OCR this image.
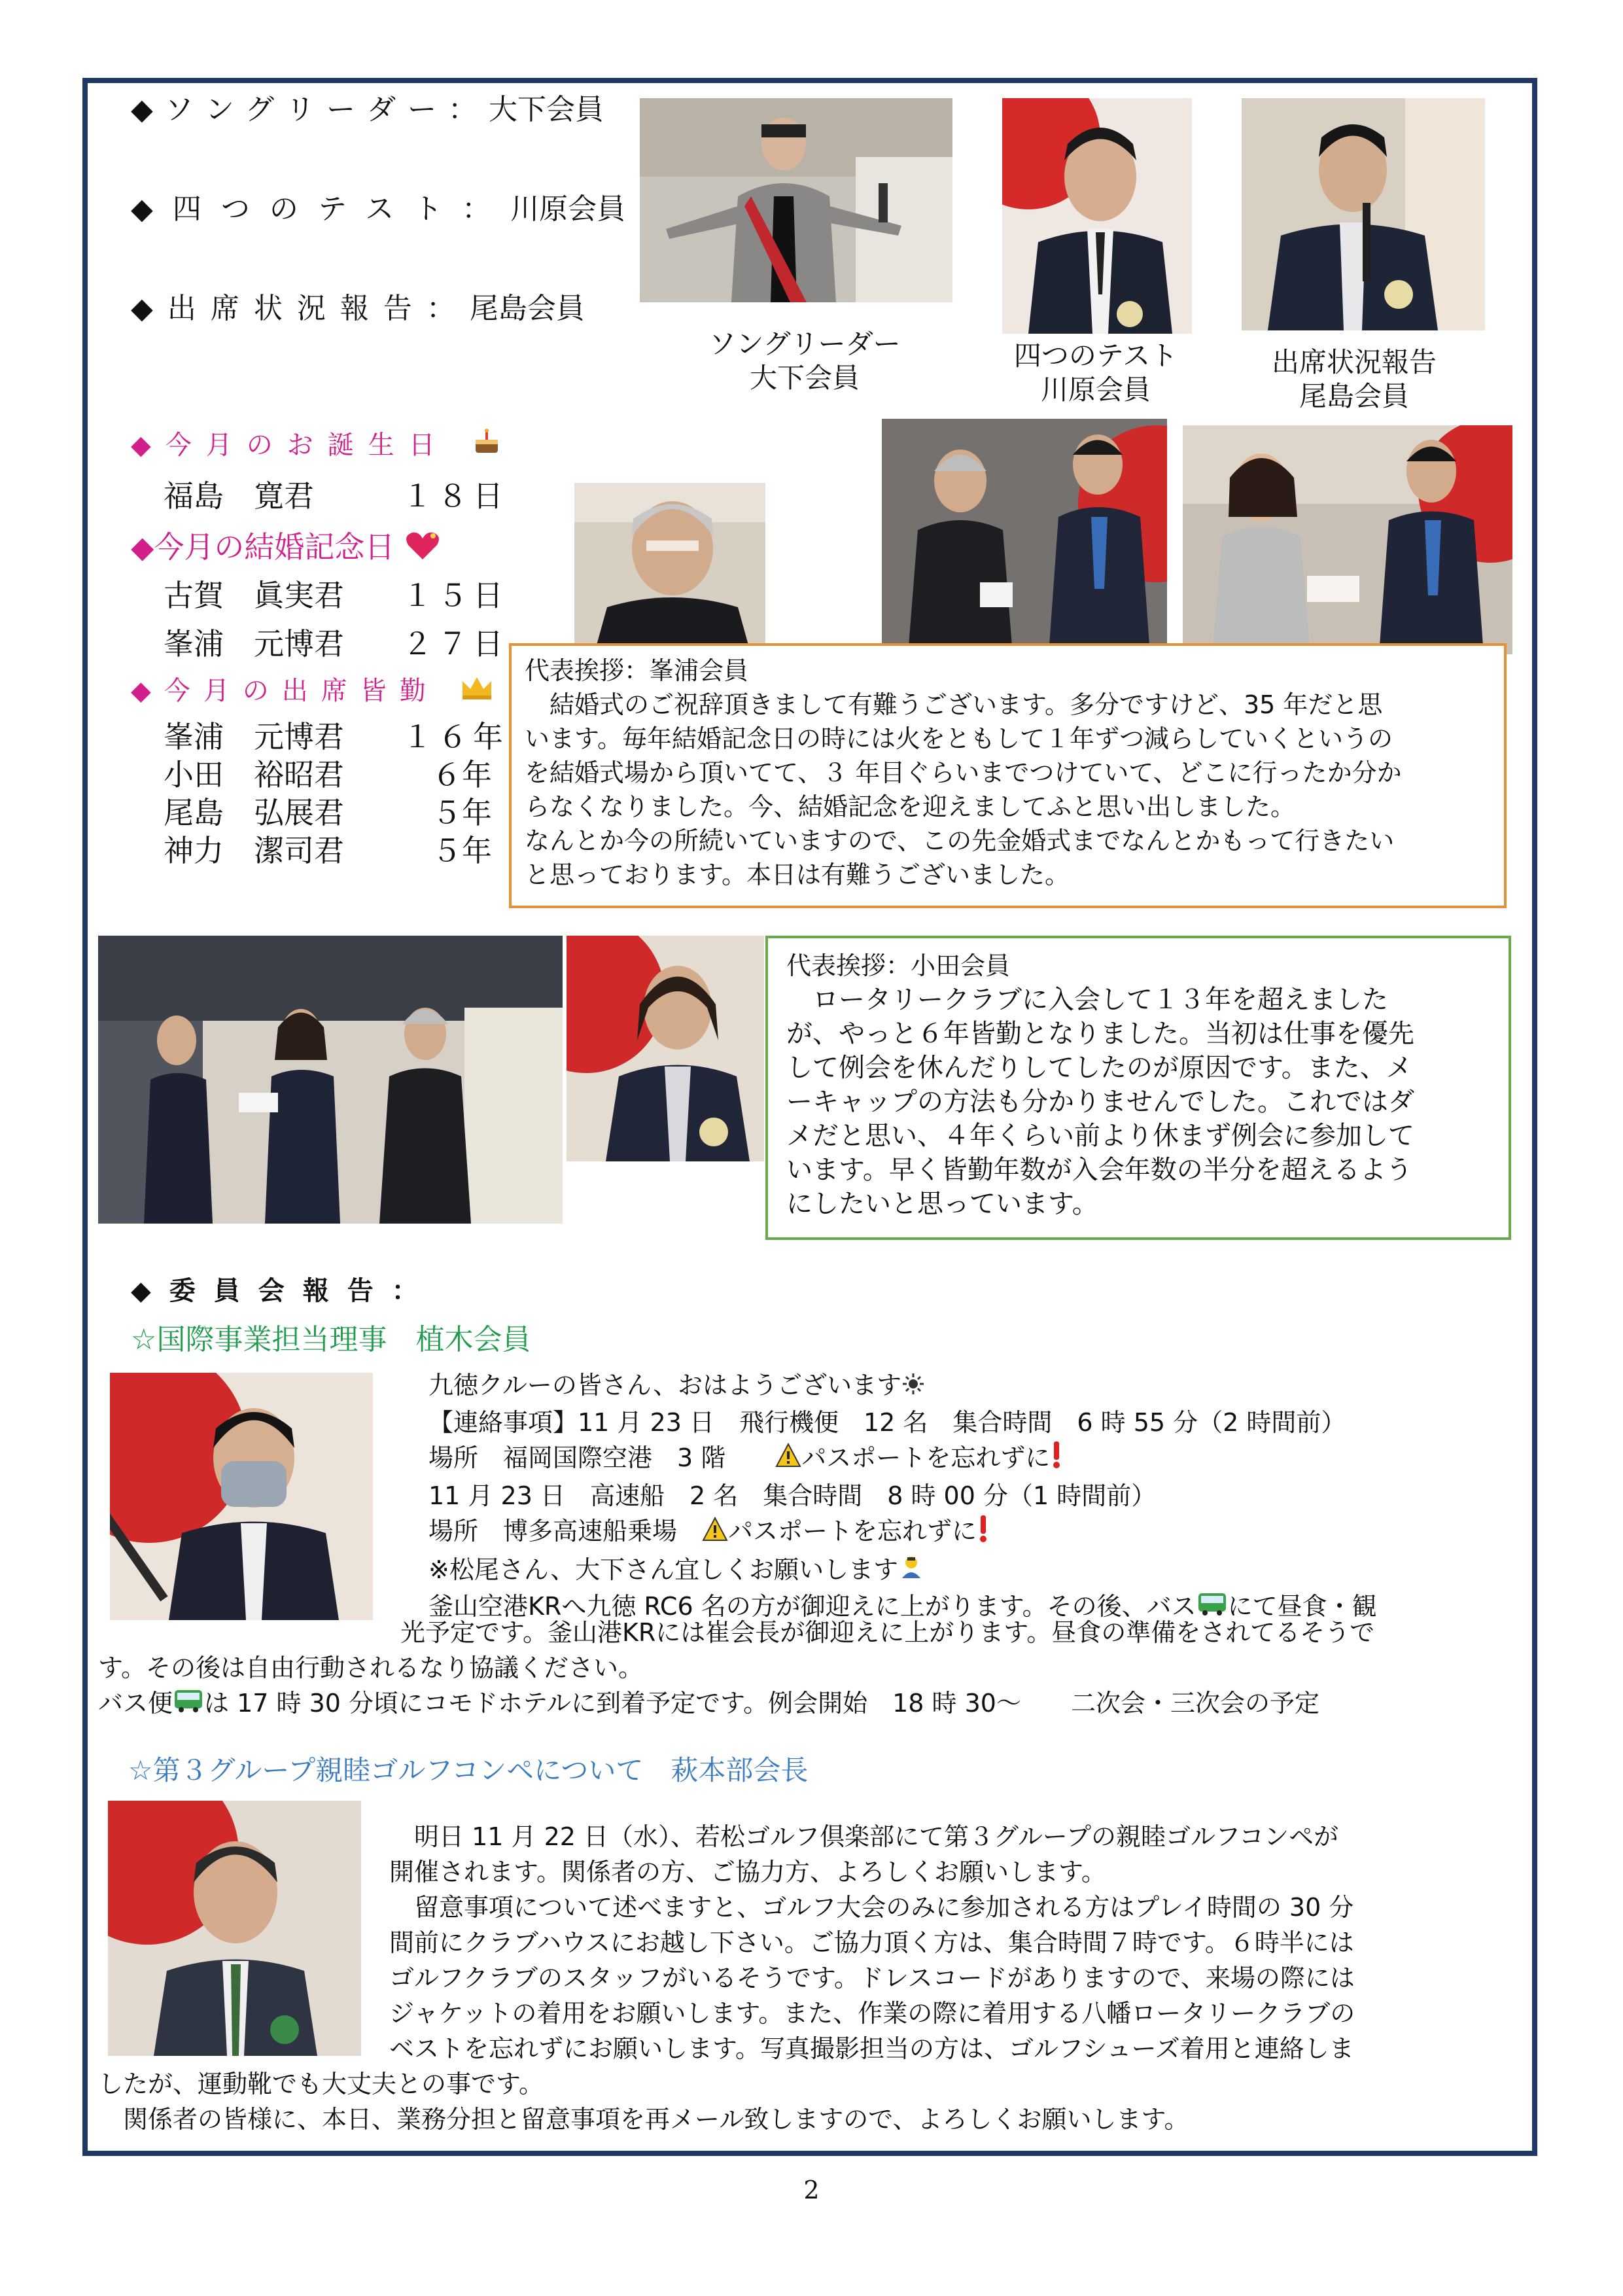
◆ソングリーダー：大下会員
◆四つのテスト：川原会員
◆出席状況報告：尾島会員
ソングリーダー
大下会員
四つのテスト
川原会員
出席状況報告
尾島会員
◆今月のお誕生日
福島　寛君	１８日
◆今月の結婚記念日
古賀　眞実君 １５日
峯浦　元博君 ２７日
◆今月の出席皆勤
峯浦　元博君 １６年
小田　裕昭君	６年
尾島　弘展君	５年
神力　潔司君	５年
代表挨拶：峯浦会員
　結婚式のご祝辞頂きまして有難うございます。多分ですけど、35 年だと思
います。毎年結婚記念日の時には火をともして１年ずつ減らしていくというの
を結婚式場から頂いてて、３ 年目ぐらいまでつけていて、どこに行ったか分か
らなくなりました。今、結婚記念を迎えましてふと思い出しました。
なんとか今の所続いていますので、この先金婚式までなんとかもって行きたい
と思っております。本日は有難うございました。
代表挨拶：小田会員
　ロータリークラブに入会して１３年を超えました
が、やっと６年皆勤となりました。当初は仕事を優先
して例会を休んだりしてしたのが原因です。また、メ
ーキャップの方法も分かりませんでした。これではダ
メだと思い、４年くらい前より休まず例会に参加して
います。早く皆勤年数が入会年数の半分を超えるよう
にしたいと思っています。
◆委員会報告：
☆国際事業担当理事　植木会員

九徳クルーの皆さん、おはようございます

【連絡事項】11 月 23 日　飛行機便　12 名　集合時間　6 時 55 分（2 時間前）

場所　福岡国際空港　3 階　　パスポートを忘れずに

11 月 23 日　高速船　2 名　集合時間　8 時 00 分（1 時間前）

場所　博多高速船乗場　パスポートを忘れずに

※松尾さん、大下さん宜しくお願いします

釜山空港KRへ九徳 RC6 名の方が御迎えに上がります。その後、バス にて昼食・観

光予定です。釜山港KRには崔会長が御迎えに上がります。昼食の準備をされてるそうで

す。その後は自由行動されるなり協議ください。

バス便 は 17 時 30 分頃にコモドホテルに到着予定です。例会開始　18 時 30～　　二次会・三次会の予定

☆第３グループ親睦ゴルフコンペについて　萩本部会長

　明日 11 月 22 日（水）、若松ゴルフ倶楽部にて第３グループの親睦ゴルフコンペが

開催されます。関係者の方、ご協力方、よろしくお願いします。

　留意事項について述べますと、ゴルフ大会のみに参加される方はプレイ時間の 30 分

間前にクラブハウスにお越し下さい。ご協力頂く方は、集合時間７時です。６時半には

ゴルフクラブのスタッフがいるそうです。ドレスコードがありますので、来場の際には

ジャケットの着用をお願いします。また、作業の際に着用する八幡ロータリークラブの

ベストを忘れずにお願いします。写真撮影担当の方は、ゴルフシューズ着用と連絡しま

したが、運動靴でも大丈夫との事です。

　関係者の皆様に、本日、業務分担と留意事項を再メール致しますので、よろしくお願いします。

2
